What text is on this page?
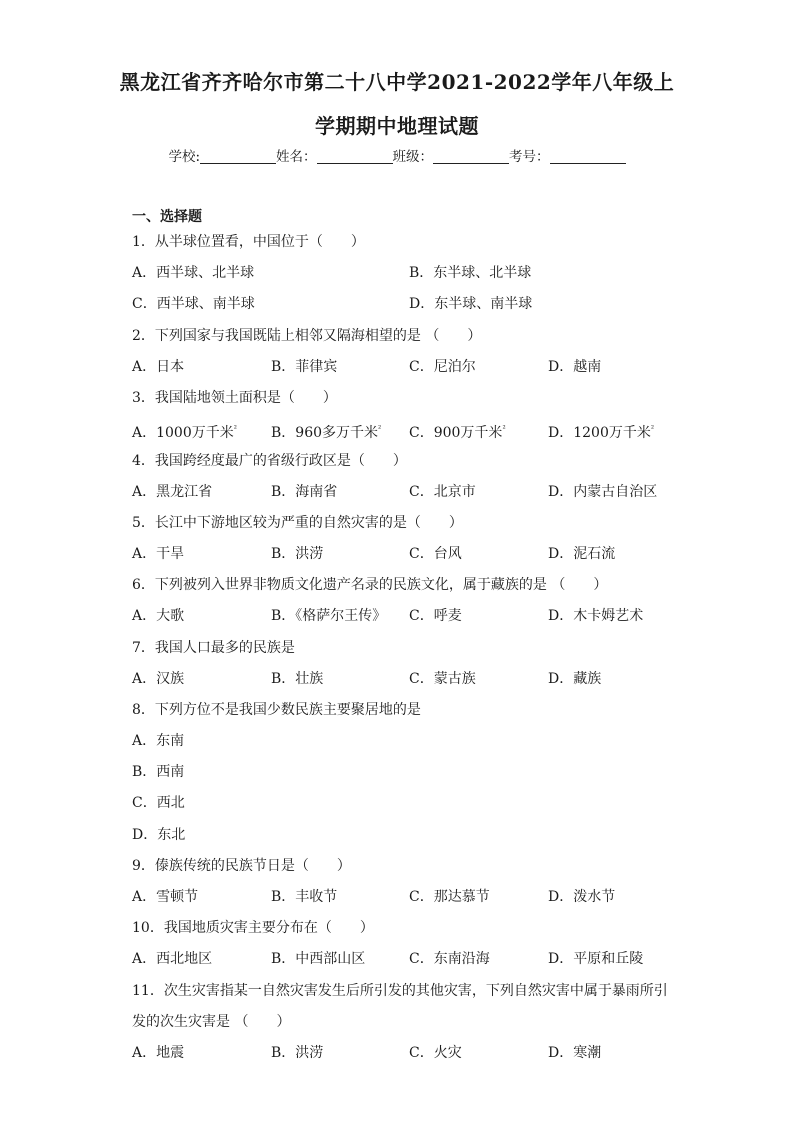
黑龙江省齐齐哈尔市第二十八中学2021-2022学年八年级上
学期期中地理试题
学校:	姓名：	班级：	考号：
一、选择题
1．从半球位置看，中国位于（　　）
A．西半球、北半球	B．东半球、北半球
C．西半球、南半球	D．东半球、南半球
2．下列国家与我国既陆上相邻又隔海相望的是 （　　）
A．日本	B．菲律宾	C．尼泊尔	D．越南
3．我国陆地领土面积是（　　）
A．1000万千米$^{^2}$ B．960多万千米$^{^2}$ C．900万千米$^{^2}$	D．1200万千米$^{^2}$
4．我国跨经度最广的省级行政区是（　　）
A．黑龙江省	B．海南省	C．北京市	D．内蒙古自治区
5．长江中下游地区较为严重的自然灾害的是（　　）
A．干旱	B．洪涝	C．台风	D．泥石流
6．下列被列入世界非物质文化遗产名录的民族文化，属于藏族的是 （　　）
A．大歌	B．《格萨尔王传》 C．呼麦	D．木卡姆艺术
7．我国人口最多的民族是
A．汉族	B．壮族	C．蒙古族	D．藏族
8．下列方位不是我国少数民族主要聚居地的是
A．东南
B．西南
C．西北
D．东北
9．傣族传统的民族节日是（　　）
A．雪顿节	B．丰收节	C．那达慕节	D．泼水节
10．我国地质灾害主要分布在（　　）
A．西北地区	B．中西部山区	C．东南沿海	D．平原和丘陵
11．次生灾害指某一自然灾害发生后所引发的其他灾害，下列自然灾害中属于暴雨所引
发的次生灾害是 （　　）
A．地震	B．洪涝	C．火灾	D．寒潮
